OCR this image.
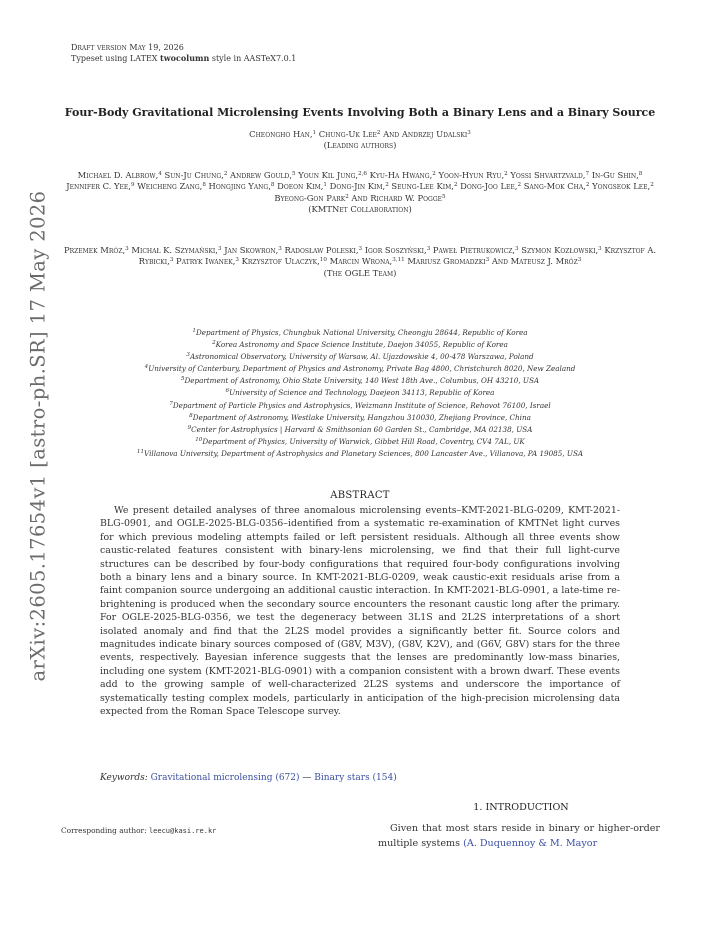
Draft version May 19, 2026
Typeset using LATEX twocolumn style in AASTeX7.0.1
arXiv:2605.17654v1 [astro-ph.SR] 17 May 2026
Four-Body Gravitational Microlensing Events Involving Both a Binary Lens and a Binary Source
Cheongho Han,$^1$ Chung-Uk Lee$^2$ And Andrzej Udalski$^3$
(Leading authors)
Michael D. Albrow,$^4$ Sun-Ju Chung,$^2$ Andrew Gould,$^5$ Youn Kil Jung,$^{2,6}$ Kyu-Ha Hwang,$^2$ Yoon-Hyun Ryu,$^2$ Yossi Shvartzvald,$^7$ In-Gu Shin,$^8$ Jennifer C. Yee,$^9$ Weicheng Zang,$^8$ Hongjing Yang,$^8$ Doeon Kim,$^1$ Dong-Jin Kim,$^2$ Seung-Lee Kim,$^2$ Dong-Joo Lee,$^2$ Sang-Mok Cha,$^2$ Yongseok Lee,$^2$ Byeong-Gon Park$^2$ And Richard W. Pogge$^5$
(KMTNet Collaboration)
Przemek Mróz,$^3$ Michał K. Szymański,$^3$ Jan Skowron,$^3$ Radosław Poleski,$^3$ Igor Soszyński,$^3$ Paweł Pietrukowicz,$^3$ Szymon Kozłowski,$^3$ Krzysztof A. Rybicki,$^3$ Patryk Iwanek,$^3$ Krzysztof Ulaczyk,$^{10}$ Marcin Wrona,$^{3,11}$ Mariusz Gromadzki$^3$ And Mateusz J. Mróz$^3$
(The OGLE Team)
$^1$Department of Physics, Chungbuk National University, Cheongju 28644, Republic of Korea
$^2$Korea Astronomy and Space Science Institute, Daejon 34055, Republic of Korea
$^3$Astronomical Observatory, University of Warsaw, Al. Ujazdowskie 4, 00-478 Warszawa, Poland
$^4$University of Canterbury, Department of Physics and Astronomy, Private Bag 4800, Christchurch 8020, New Zealand
$^5$Department of Astronomy, Ohio State University, 140 West 18th Ave., Columbus, OH 43210, USA
$^6$University of Science and Technology, Daejeon 34113, Republic of Korea
$^7$Department of Particle Physics and Astrophysics, Weizmann Institute of Science, Rehovot 76100, Israel
$^8$Department of Astronomy, Westlake University, Hangzhou 310030, Zhejiang Province, China
$^9$Center for Astrophysics | Harvard & Smithsonian 60 Garden St., Cambridge, MA 02138, USA
$^{10}$Department of Physics, University of Warwick, Gibbet Hill Road, Coventry, CV4 7AL, UK
$^{11}$Villanova University, Department of Astrophysics and Planetary Sciences, 800 Lancaster Ave., Villanova, PA 19085, USA
ABSTRACT
We present detailed analyses of three anomalous microlensing events–KMT-2021-BLG-0209, KMT-2021-BLG-0901, and OGLE-2025-BLG-0356–identified from a systematic re-examination of KMTNet light curves for which previous modeling attempts failed or left persistent residuals. Although all three events show caustic-related features consistent with binary-lens microlensing, we find that their full light-curve structures can be described by four-body configurations that required four-body configurations involving both a binary lens and a binary source. In KMT-2021-BLG-0209, weak caustic-exit residuals arise from a faint companion source undergoing an additional caustic interaction. In KMT-2021-BLG-0901, a late-time re-brightening is produced when the secondary source encounters the resonant caustic long after the primary. For OGLE-2025-BLG-0356, we test the degeneracy between 3L1S and 2L2S interpretations of a short isolated anomaly and find that the 2L2S model provides a significantly better fit. Source colors and magnitudes indicate binary sources composed of (G8V, M3V), (G8V, K2V), and (G6V, G8V) stars for the three events, respectively. Bayesian inference suggests that the lenses are predominantly low-mass binaries, including one system (KMT-2021-BLG-0901) with a companion consistent with a brown dwarf. These events add to the growing sample of well-characterized 2L2S systems and underscore the importance of systematically testing complex models, particularly in anticipation of the high-precision microlensing data expected from the Roman Space Telescope survey.
Keywords: Gravitational microlensing (672) — Binary stars (154)
1. INTRODUCTION
Given that most stars reside in binary or higher-order multiple systems (A. Duquennoy & M. Mayor
Corresponding author: leecu@kasi.re.kr
